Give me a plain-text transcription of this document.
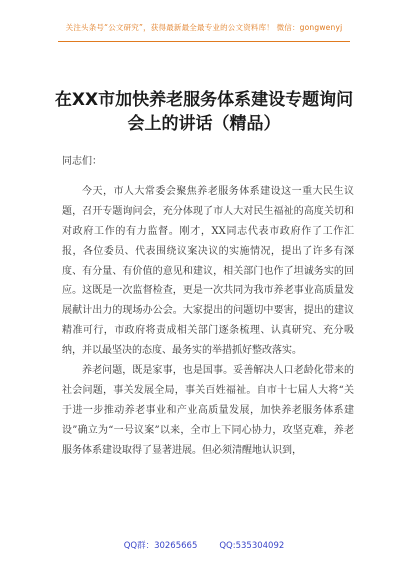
关注头条号“公文研究”，获得最新最全最专业的公文资料库！ 微信：gongwenyj
在XX市加快养老服务体系建设专题询问
会上的讲话（精品）

同志们：

今天，市人大常委会聚焦养老服务体系建设这一重大民生议题，召开专题询问会，充分体现了市人大对民生福祉的高度关切和对政府工作的有力监督。刚才，XX同志代表市政府作了工作汇报，各位委员、代表围绕议案决议的实施情况，提出了许多有深度、有分量、有价值的意见和建议，相关部门也作了坦诚务实的回应。这既是一次监督检查，更是一次共同为我市养老事业高质量发展献计出力的现场办公会。大家提出的问题切中要害，提出的建议精准可行，市政府将责成相关部门逐条梳理、认真研究、充分吸纳，并以最坚决的态度、最务实的举措抓好整改落实。

养老问题，既是家事，也是国事。妥善解决人口老龄化带来的社会问题，事关发展全局，事关百姓福祉。自市十七届人大将“关于进一步推动养老事业和产业高质量发展，加快养老服务体系建设”确立为“一号议案”以来，全市上下同心协力，攻坚克难，养老服务体系建设取得了显著进展。但必须清醒地认识到，

QQ群：30265665	QQ:535304092
